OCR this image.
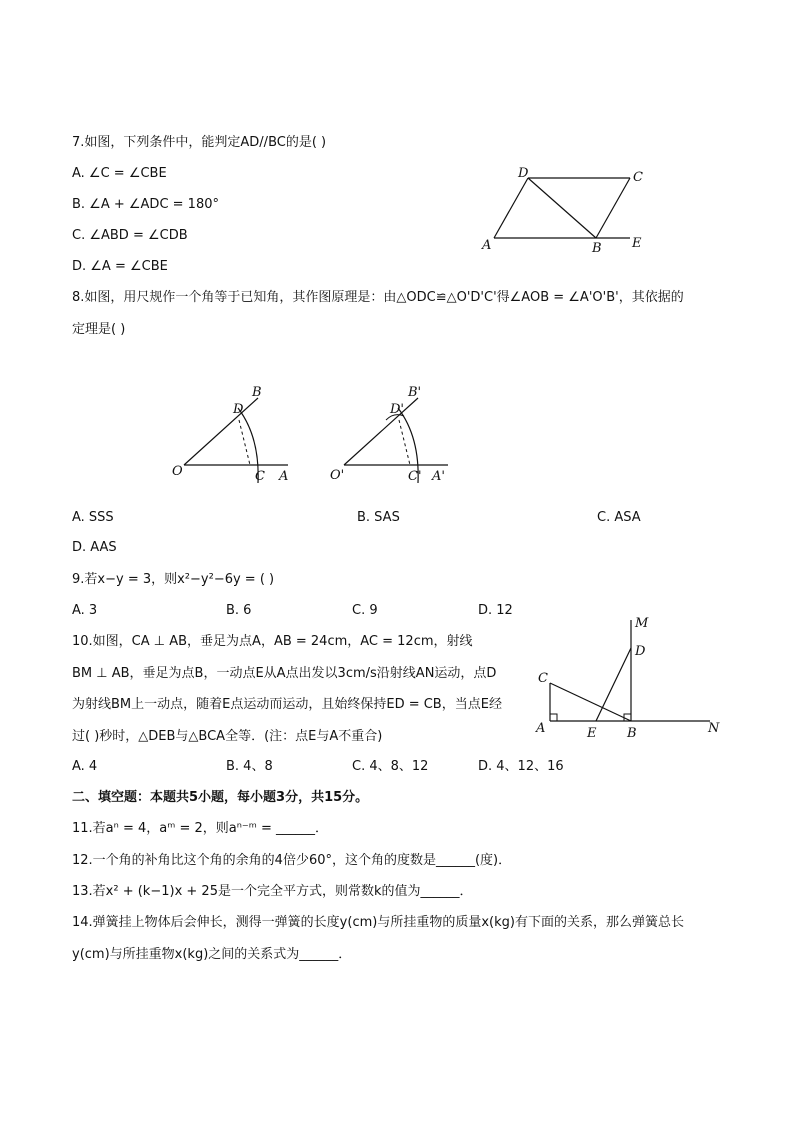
7.如图，下列条件中，能判定AD//BC的是( )
A. ∠C = ∠CBE
B. ∠A + ∠ADC = 180°
C. ∠ABD = ∠CDB
D. ∠A = ∠CBE
D	C
A	B E
8.如图，用尺规作一个角等于已知角，其作图原理是：由△ODC≌△O'D'C'得∠AOB = ∠A'O'B'，其依据的
定理是( )
B
D
O	C A
B'
D'
O'	C' A'
A. SSS	B. SAS	C. ASA
D. AAS
9.若x−y = 3，则x²−y²−6y = ( )
A. 3	B. 6	C. 9	D. 12
10.如图，CA ⊥ AB，垂足为点A，AB = 24cm，AC = 12cm，射线
BM ⊥ AB，垂足为点B，一动点E从A点出发以3cm/s沿射线AN运动，点D
为射线BM上一动点，随着E点运动而运动，且始终保持ED = CB，当点E经
过( )秒时，△DEB与△BCA全等．(注：点E与A不重合)
M
D
C
A	E B	N
A. 4	B. 4、8	C. 4、8、12	D. 4、12、16
二、填空题：本题共5小题，每小题3分，共15分。
11.若aⁿ = 4，aᵐ = 2，则aⁿ⁻ᵐ = ______．
12.一个角的补角比这个角的余角的4倍少60°，这个角的度数是______(度)．
13.若x² + (k−1)x + 25是一个完全平方式，则常数k的值为______．
14.弹簧挂上物体后会伸长，测得一弹簧的长度y(cm)与所挂重物的质量x(kg)有下面的关系，那么弹簧总长
y(cm)与所挂重物x(kg)之间的关系式为______．
